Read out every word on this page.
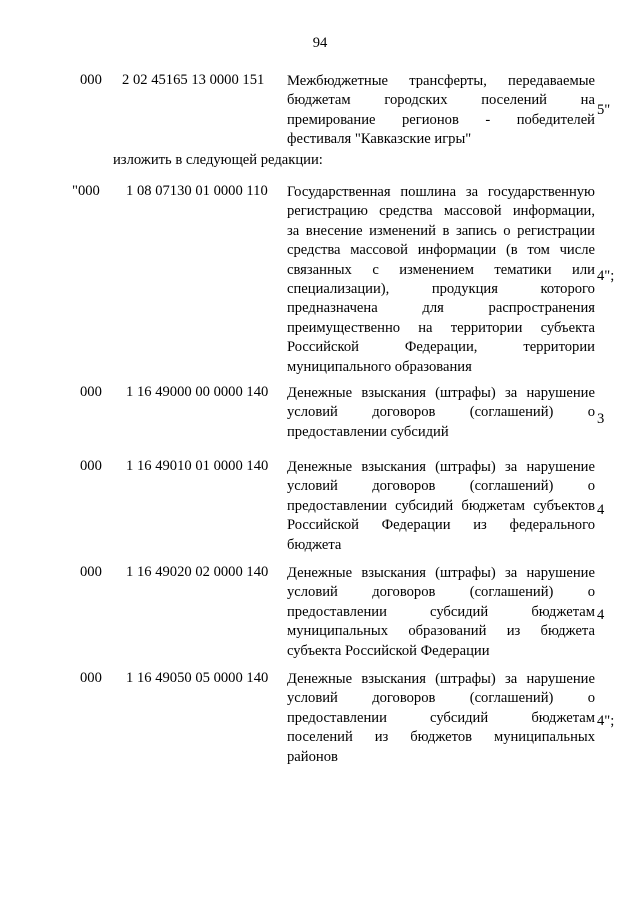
94
изложить в следующей редакции:
000 2 02 45165 13 0000 151 Межбюджетные трансферты, передаваемые
бюджетам городских поселений на
премирование регионов - победителей
фестиваля "Кавказские игры"
5"
"000 1 08 07130 01 0000 110 Государственная пошлина за государственную
регистрацию средства массовой информации,
за внесение изменений в запись о регистрации
средства массовой информации (в том числе
связанных с изменением тематики или
специализации),	продукция	которого
предназначена	для	распространения
преимущественно на территории субъекта
Российской	Федерации,	территории
муниципального образования
4";
000 1 16 49000 00 0000 140 Денежные взыскания (штрафы) за нарушение
условий договоров (соглашений) о
предоставлении субсидий
3
000 1 16 49010 01 0000 140 Денежные взыскания (штрафы) за нарушение
условий договоров (соглашений) о
предоставлении субсидий бюджетам субъектов
Российской Федерации из федерального
бюджета
4
000 1 16 49020 02 0000 140 Денежные взыскания (штрафы) за нарушение
условий договоров (соглашений) о
предоставлении	субсидий	бюджетам
муниципальных образований из бюджета
субъекта Российской Федерации
4
000 1 16 49050 05 0000 140 Денежные взыскания (штрафы) за нарушение
условий договоров (соглашений) о
предоставлении	субсидий	бюджетам
поселений из бюджетов муниципальных
районов
4";
